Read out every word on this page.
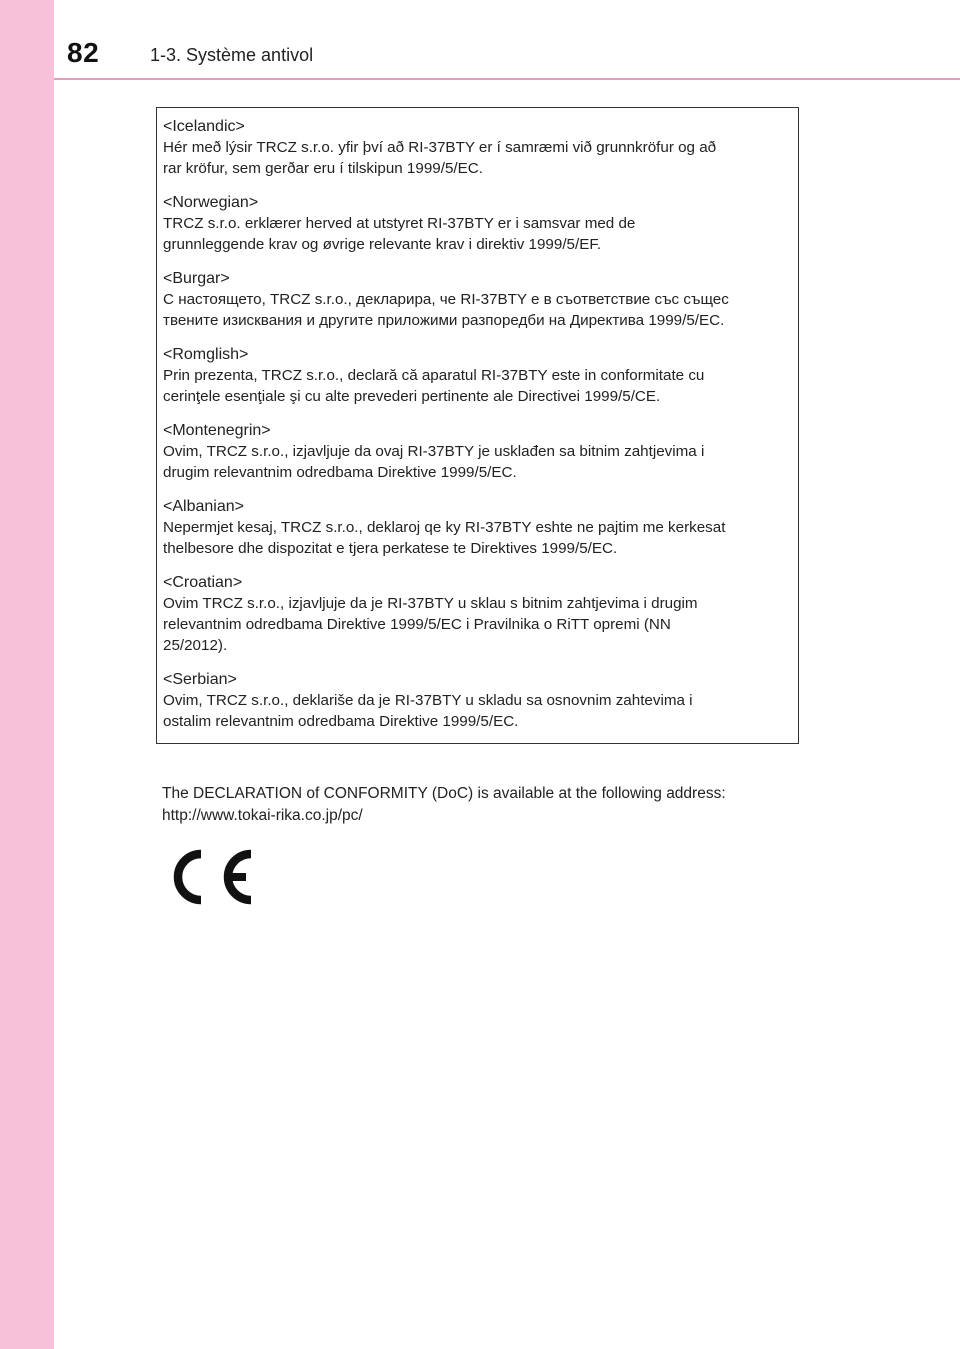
82	1-3. Système antivol
<Icelandic>
Hér með lýsir TRCZ s.r.o. yfir því að RI-37BTY er í samræmi við grunnkröfur og að
rar kröfur, sem gerðar eru í tilskipun 1999/5/EC.
<Norwegian>
TRCZ s.r.o. erklærer herved at utstyret RI-37BTY er i samsvar med de
grunnleggende krav og øvrige relevante krav i direktiv 1999/5/EF.
<Burgar>
С настоящето, TRCZ s.r.o., декларира, че RI-37BTY е в съответствие със същес
твените изисквания и другите приложими разпоредби на Директива 1999/5/ЕС.
<Romglish>
Prin prezenta, TRCZ s.r.o., declară că aparatul RI-37BTY este in conformitate cu
cerinţele esenţiale şi cu alte prevederi pertinente ale Directivei 1999/5/CE.
<Montenegrin>
Ovim, TRCZ s.r.o., izjavljuje da ovaj RI-37BTY je usklađen sa bitnim zahtjevima i
drugim relevantnim odredbama Direktive 1999/5/EC.
<Albanian>
Nepermjet kesaj, TRCZ s.r.o., deklaroj qe ky RI-37BTY eshte ne pajtim me kerkesat
thelbesore dhe dispozitat e tjera perkatese te Direktives 1999/5/EC.
<Croatian>
Ovim TRCZ s.r.o., izjavljuje da je RI-37BTY u sklau s bitnim zahtjevima i drugim
relevantnim odredbama Direktive 1999/5/EC i Pravilnika o RiTT opremi (NN
25/2012).
<Serbian>
Ovim, TRCZ s.r.o., deklariše da je RI-37BTY u skladu sa osnovnim zahtevima i
ostalim relevantnim odredbama Direktive 1999/5/EC.
The DECLARATION of CONFORMITY (DoC) is available at the following address:
http://www.tokai-rika.co.jp/pc/
